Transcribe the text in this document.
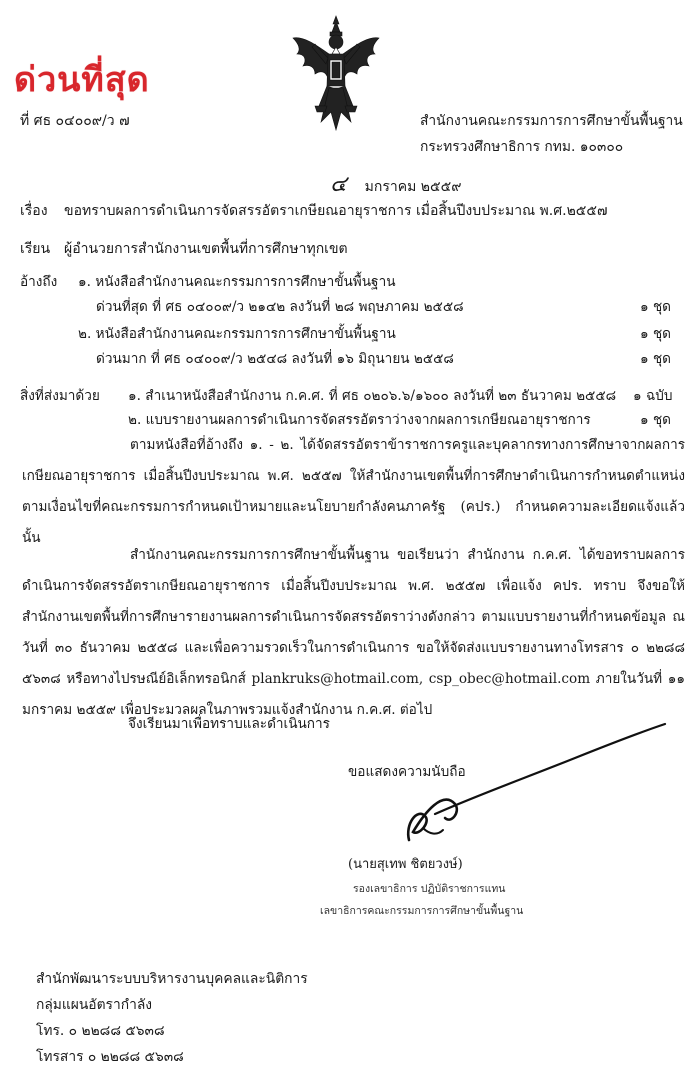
ด่วนที่สุด
ที่ ศธ ๐๔๐๐๙/ว ๗	สำนักงานคณะกรรมการการศึกษาขั้นพื้นฐาน
กระทรวงศึกษาธิการ กทม. ๑๐๓๐๐
๔ มกราคม ๒๕๕๙
เรื่อง ขอทราบผลการดำเนินการจัดสรรอัตราเกษียณอายุราชการ เมื่อสิ้นปีงบประมาณ พ.ศ.๒๕๕๗
เรียน ผู้อำนวยการสำนักงานเขตพื้นที่การศึกษาทุกเขต
อ้างถึง ๑. หนังสือสำนักงานคณะกรรมการการศึกษาขั้นพื้นฐาน
ด่วนที่สุด ที่ ศธ ๐๔๐๐๙/ว ๒๑๔๒ ลงวันที่ ๒๘ พฤษภาคม ๒๕๕๘	๑ ชุด
๒. หนังสือสำนักงานคณะกรรมการการศึกษาขั้นพื้นฐาน	๑ ชุด
ด่วนมาก ที่ ศธ ๐๔๐๐๙/ว ๒๕๔๘ ลงวันที่ ๑๖ มิถุนายน ๒๕๕๘	๑ ชุด
สิ่งที่ส่งมาด้วย ๑. สำเนาหนังสือสำนักงาน ก.ค.ศ. ที่ ศธ ๐๒๐๖.๖/๑๖๐๐ ลงวันที่ ๒๓ ธันวาคม ๒๕๕๘ ๑ ฉบับ
๒. แบบรายงานผลการดำเนินการจัดสรรอัตราว่างจากผลการเกษียณอายุราชการ	๑ ชุด
ตามหนังสือที่อ้างถึง ๑. - ๒. ได้จัดสรรอัตราข้าราชการครูและบุคลากรทางการศึกษาจากผลการเกษียณอายุราชการ เมื่อสิ้นปีงบประมาณ พ.ศ. ๒๕๕๗ ให้สำนักงานเขตพื้นที่การศึกษาดำเนินการกำหนดตำแหน่งตามเงื่อนไขที่คณะกรรมการกำหนดเป้าหมายและนโยบายกำลังคนภาครัฐ (คปร.) กำหนดความละเอียดแจ้งแล้ว นั้น
สำนักงานคณะกรรมการการศึกษาขั้นพื้นฐาน ขอเรียนว่า สำนักงาน ก.ค.ศ. ได้ขอทราบผลการดำเนินการจัดสรรอัตราเกษียณอายุราชการ เมื่อสิ้นปีงบประมาณ พ.ศ. ๒๕๕๗ เพื่อแจ้ง คปร. ทราบ จึงขอให้สำนักงานเขตพื้นที่การศึกษารายงานผลการดำเนินการจัดสรรอัตราว่างดังกล่าว ตามแบบรายงานที่กำหนดข้อมูล ณ วันที่ ๓๐ ธันวาคม ๒๕๕๘ และเพื่อความรวดเร็วในการดำเนินการ ขอให้จัดส่งแบบรายงานทางโทรสาร ๐ ๒๒๘๘ ๕๖๓๘ หรือทางไปรษณีย์อิเล็กทรอนิกส์ plankruks@hotmail.com, csp_obec@hotmail.com ภายในวันที่ ๑๑ มกราคม ๒๕๕๙ เพื่อประมวลผลในภาพรวมแจ้งสำนักงาน ก.ค.ศ. ต่อไป
จึงเรียนมาเพื่อทราบและดำเนินการ
ขอแสดงความนับถือ
(นายสุเทพ ชิตยวงษ์)
รองเลขาธิการ ปฏิบัติราชการแทน
เลขาธิการคณะกรรมการการศึกษาขั้นพื้นฐาน
สำนักพัฒนาระบบบริหารงานบุคคลและนิติการ
กลุ่มแผนอัตรากำลัง
โทร. ๐ ๒๒๘๘ ๕๖๓๘
โทรสาร ๐ ๒๒๘๘ ๕๖๓๘
